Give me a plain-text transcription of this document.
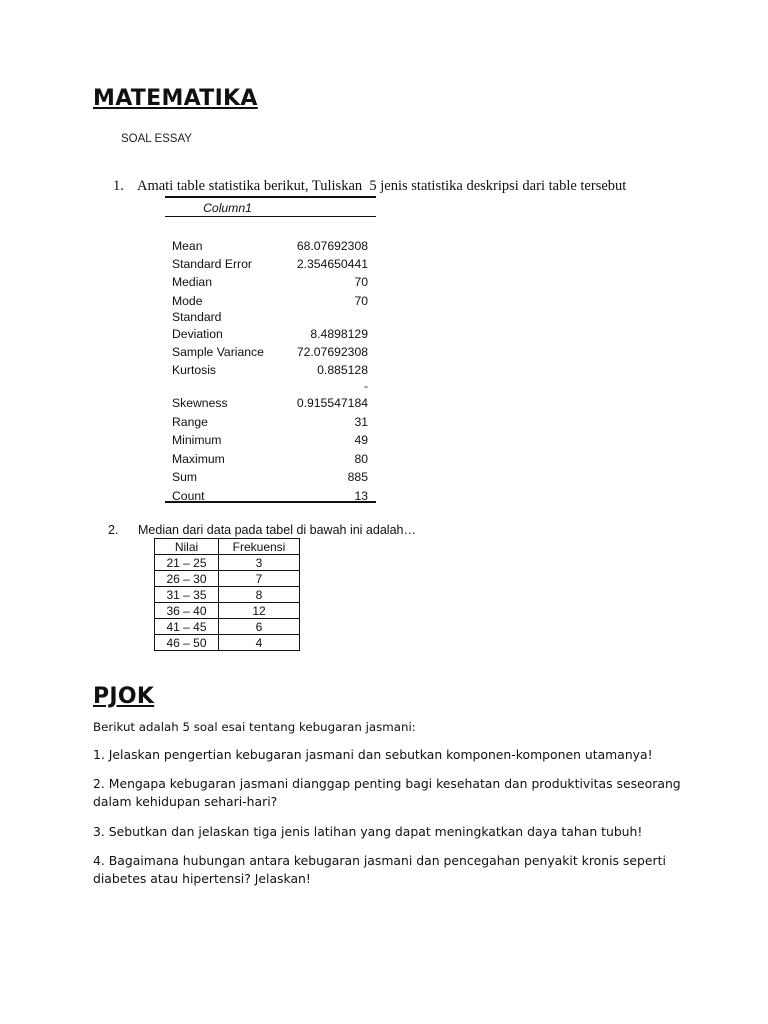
MATEMATIKA
SOAL ESSAY
1. Amati table statistika berikut, Tuliskan  5 jenis statistika deskripsi dari table tersebut
Column1
Mean	68.07692308
Standard Error	2.354650441
Median	70
Mode	70
Standard
Deviation	8.4898129
Sample Variance	72.07692308
Kurtosis	0.885128
-
Skewness	0.915547184
Range	31
Minimum	49
Maximum	80
Sum	885
Count	13
2. Median dari data pada tabel di bawah ini adalah…
Nilai	Frekuensi
21 – 25	3
26 – 30	7
31 – 35	8
36 – 40	12
41 – 45	6
46 – 50	4
PJOK

Berikut adalah 5 soal esai tentang kebugaran jasmani:

1. Jelaskan pengertian kebugaran jasmani dan sebutkan komponen-komponen utamanya!

2. Mengapa kebugaran jasmani dianggap penting bagi kesehatan dan produktivitas seseorang dalam kehidupan sehari-hari?

3. Sebutkan dan jelaskan tiga jenis latihan yang dapat meningkatkan daya tahan tubuh!

4. Bagaimana hubungan antara kebugaran jasmani dan pencegahan penyakit kronis seperti diabetes atau hipertensi? Jelaskan!
